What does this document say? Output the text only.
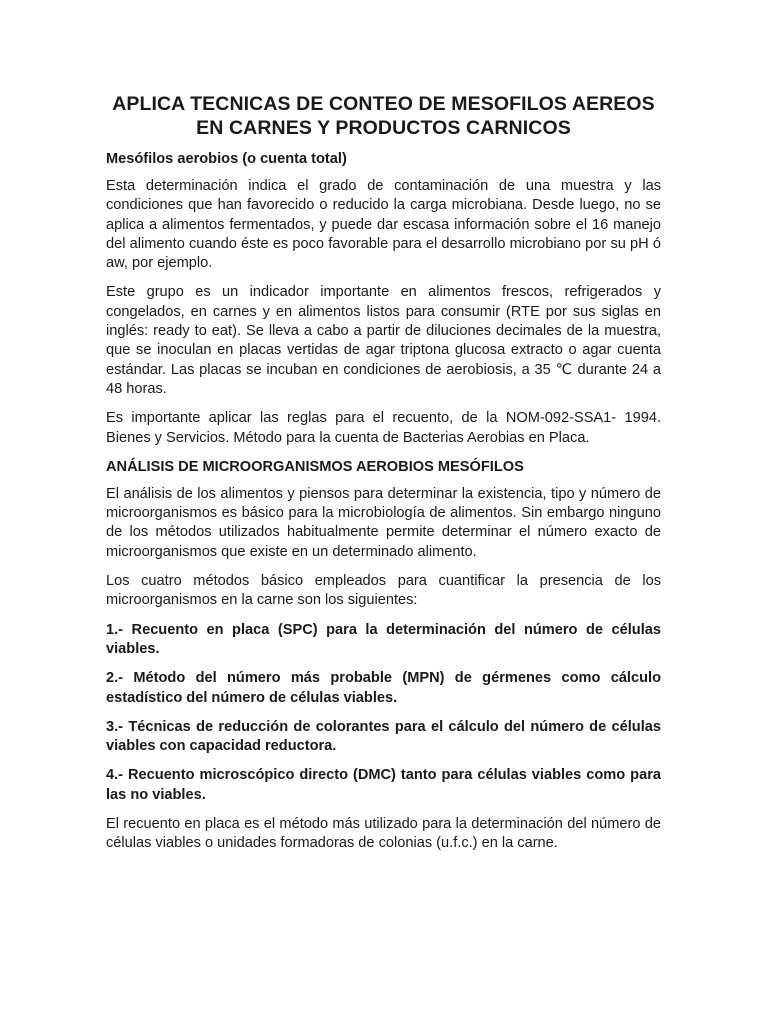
APLICA TECNICAS DE CONTEO DE MESOFILOS AEREOS EN CARNES Y PRODUCTOS CARNICOS
Mesófilos aerobios (o cuenta total)

Esta determinación indica el grado de contaminación de una muestra y las condiciones que han favorecido o reducido la carga microbiana. Desde luego, no se aplica a alimentos fermentados, y puede dar escasa información sobre el 16 manejo del alimento cuando éste es poco favorable para el desarrollo microbiano por su pH ó aw, por ejemplo.

Este grupo es un indicador importante en alimentos frescos, refrigerados y congelados, en carnes y en alimentos listos para consumir (RTE por sus siglas en inglés: ready to eat). Se lleva a cabo a partir de diluciones decimales de la muestra, que se inoculan en placas vertidas de agar triptona glucosa extracto o agar cuenta estándar. Las placas se incuban en condiciones de aerobiosis, a 35 ℃ durante 24 a 48 horas.

Es importante aplicar las reglas para el recuento, de la NOM-092-SSA1- 1994. Bienes y Servicios. Método para la cuenta de Bacterias Aerobias en Placa.

ANÁLISIS DE MICROORGANISMOS AEROBIOS MESÓFILOS

El análisis de los alimentos y piensos para determinar la existencia, tipo y número de microorganismos es básico para la microbiología de alimentos. Sin embargo ninguno de los métodos utilizados habitualmente permite determinar el número exacto de microorganismos que existe en un determinado alimento.

Los cuatro métodos básico empleados para cuantificar la presencia de los microorganismos en la carne son los siguientes:

1.- Recuento en placa (SPC) para la determinación del número de células viables.

2.- Método del número más probable (MPN) de gérmenes como cálculo estadístico del número de células viables.

3.- Técnicas de reducción de colorantes para el cálculo del número de células viables con capacidad reductora.

4.- Recuento microscópico directo (DMC) tanto para células viables como para las no viables.

El recuento en placa es el método más utilizado para la determinación del número de células viables o unidades formadoras de colonias (u.f.c.) en la carne.
